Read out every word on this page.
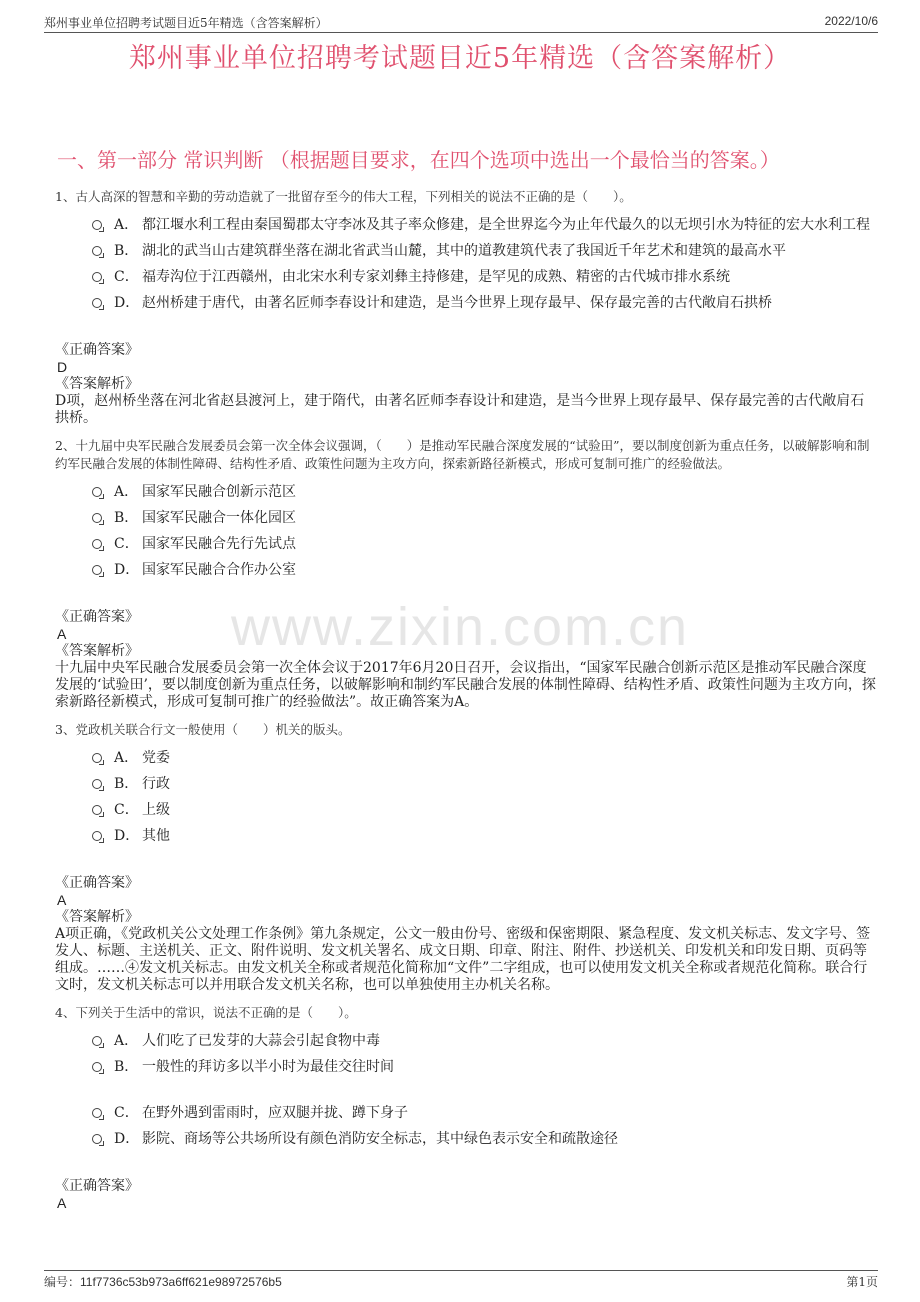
郑州事业单位招聘考试题目近5年精选（含答案解析）	2022/10/6
郑州事业单位招聘考试题目近5年精选（含答案解析）
一、第一部分 常识判断 （根据题目要求，在四个选项中选出一个最恰当的答案。）
www.zixin.com.cn
1、古人高深的智慧和辛勤的劳动造就了一批留存至今的伟大工程，下列相关的说法不正确的是（　　）。
A． 都江堰水利工程由秦国蜀郡太守李冰及其子率众修建，是全世界迄今为止年代最久的以无坝引水为特征的宏大水利工程
B． 湖北的武当山古建筑群坐落在湖北省武当山麓，其中的道教建筑代表了我国近千年艺术和建筑的最高水平
C． 福寿沟位于江西赣州，由北宋水利专家刘彝主持修建，是罕见的成熟、精密的古代城市排水系统
D． 赵州桥建于唐代，由著名匠师李春设计和建造，是当今世界上现存最早、保存最完善的古代敞肩石拱桥
《正确答案》
D
《答案解析》
D项，赵州桥坐落在河北省赵县渡河上，建于隋代，由著名匠师李春设计和建造，是当今世界上现存最早、保存最完善的古代敞肩石拱桥。
2、十九届中央军民融合发展委员会第一次全体会议强调，（　　）是推动军民融合深度发展的“试验田”，要以制度创新为重点任务，以破解影响和制约军民融合发展的体制性障碍、结构性矛盾、政策性问题为主攻方向，探索新路径新模式，形成可复制可推广的经验做法。
A． 国家军民融合创新示范区
B． 国家军民融合一体化园区
C． 国家军民融合先行先试点
D． 国家军民融合合作办公室
《正确答案》
A
《答案解析》
十九届中央军民融合发展委员会第一次全体会议于2017年6月20日召开，会议指出，“国家军民融合创新示范区是推动军民融合深度发展的‘试验田’，要以制度创新为重点任务，以破解影响和制约军民融合发展的体制性障碍、结构性矛盾、政策性问题为主攻方向，探索新路径新模式，形成可复制可推广的经验做法”。故正确答案为A。
3、党政机关联合行文一般使用（　　）机关的版头。
A． 党委
B． 行政
C． 上级
D． 其他
《正确答案》
A
《答案解析》
A项正确，《党政机关公文处理工作条例》第九条规定，公文一般由份号、密级和保密期限、紧急程度、发文机关标志、发文字号、签发人、标题、主送机关、正文、附件说明、发文机关署名、成文日期、印章、附注、附件、抄送机关、印发机关和印发日期、页码等组成。……④发文机关标志。由发文机关全称或者规范化简称加“文件”二字组成，也可以使用发文机关全称或者规范化简称。联合行文时，发文机关标志可以并用联合发文机关名称，也可以单独使用主办机关名称。
4、下列关于生活中的常识，说法不正确的是（　　）。
A． 人们吃了已发芽的大蒜会引起食物中毒
B． 一般性的拜访多以半小时为最佳交往时间
C． 在野外遇到雷雨时，应双腿并拢、蹲下身子
D． 影院、商场等公共场所设有颜色消防安全标志，其中绿色表示安全和疏散途径
《正确答案》
A
编号：11f7736c53b973a6ff621e98972576b5	第1页
